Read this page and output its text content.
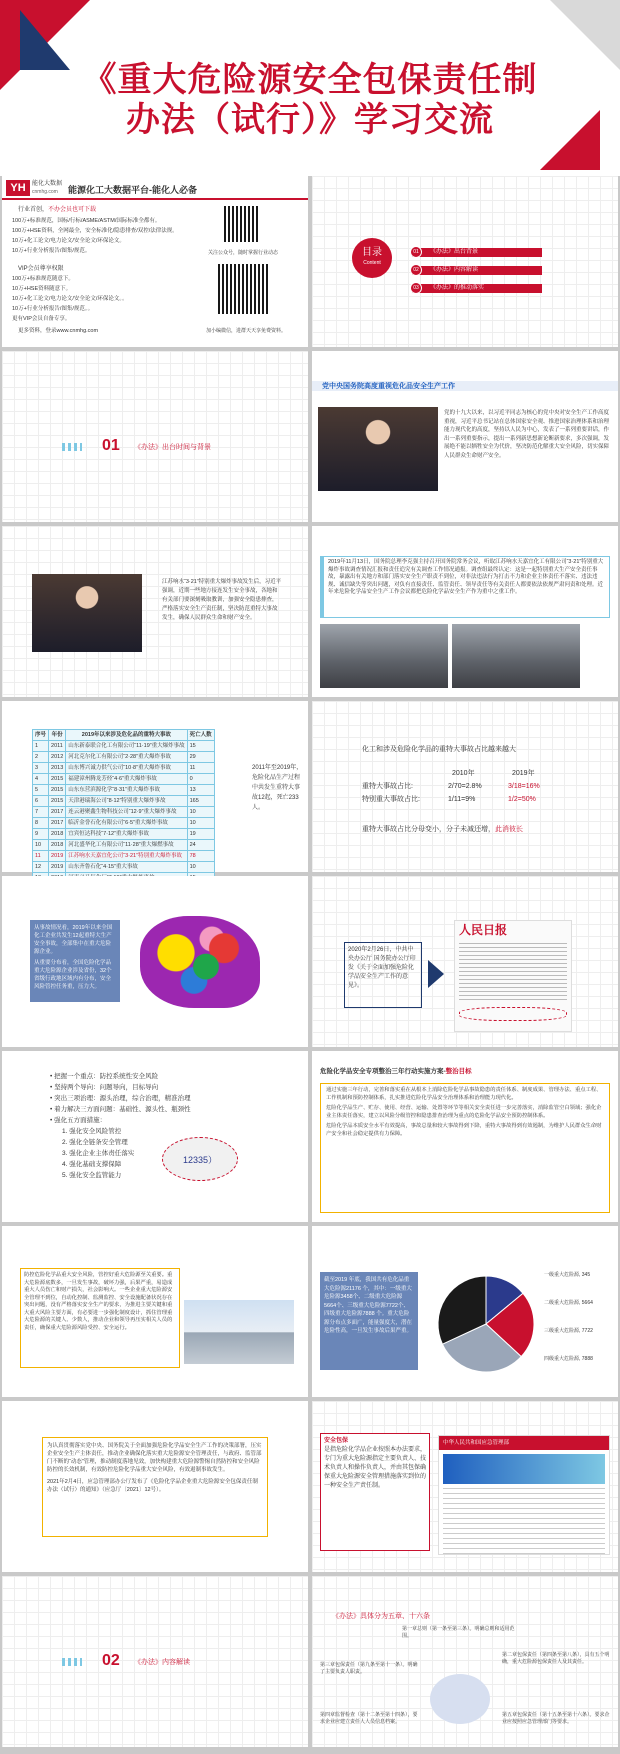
《重大危险源安全包保责任制
办法（试行）》学习交流
YH	能化大数据
cnmhg.com 能源化工大数据平台-能化人必备
行业首创，不办会员也可下载
100万+标准规范，国标/行标/ASME/ASTM/国际标准全都有。
100万+HSE资料，全网最全，安全标准化/隐患排查/双控/法律法规。
10万+化工论文/电力论文/安全论文/环保论文。
10万+行业分析报告/图集/规范。
VIP会员尊享权限
100万+标准规范随意下。
10万+HSE资料随意下。
10万+化工论文/电力论文/安全论文/环保论文。。
10万+行业分析报告/图集/规范。。
更有VIP会员自备专享。
更多资料，登录www.cnmhg.com
关注公众号，随时掌握行业动态
加小编微信，进群天天享免费资料。
目录
Content
01	《办法》出台背景
02	《办法》内容解读
03	《办法》的推动落实
01 《办法》出台时间与背景
党中央国务院高度重视危化品安全生产工作
党的十九大以来，以习近平同志为核心的党中央对安全生产工作高度重视，习近平总书记站在总体国家安全观、推进国家治理体系和治理能力现代化的高度，坚持以人民为中心，发表了一系列重要讲话，作出一系列重要指示，提出一系列新思想新论断新要求，多次强调，发展绝不能以牺牲安全为代价，坚决防范化解重大安全风险，切实保障人民群众生命财产安全。
江苏响水“3·21”特别重大爆炸事故发生后，习近平强调，近期一些地方接连发生安全事故，各地和有关部门要深刻吸取教训，加强安全隐患排查，严格落实安全生产责任制，坚决防范重特大事故发生，确保人民群众生命和财产安全。
2019年11月13日，国务院总理李克强主持召开国务院常务会议，听取江苏响水天嘉宜化工有限公司“3·21”特别重大爆炸事故调查情况汇报和责任追究有关调查工作情况通报。调查组最终认定：这是一起特别重大生产安全责任事故，暴露出有关地方和部门落实安全生产职责不到位，对非法违法行为打击不力和企业主体责任不落实、违法违规、诚信缺失等突出问题，对负有直接责任、监管责任、领导责任等有关责任人都要依法依规严肃问责和处理。近年来危险化学品安全生产工作会议都把危险化学品安全生产作为重中之重工作。
序号	年份	2019年以来涉及危化品的重特大事故	死亡人数
1	2011	山东新泰联合化工有限公司“11·19”重大爆炸事故	15
2	2012	河北克尔化工有限公司“2·28”重大爆炸事故	29
3	2013	山东博兴诚力供气公司“10·8”重大爆炸事故	11
4	2015	福建漳州腾龙芳烃“4·6”重大爆炸事故	0
5	2015	山东东营滨源化学“8·31”重大爆炸事故	13
6	2015	天津港瑞海公司“8·12”特别重大爆炸事故	165
7	2017	连云港聚鑫生物科技公司“12·9”重大爆炸事故	10
8	2017	临沂金誉石化有限公司“6·5”重大爆炸事故	10
9	2018	宜宾恒达科技“7·12”重大爆炸事故	19
10	2018	河北盛华化工有限公司“11·28”重大爆燃事故	24
11	2019	江苏响水天嘉宜化公司“3·21”特别重大爆炸事故	78
12	2019	山东齐鲁石化“4·15”重大事故	10

2011年至2019年，危险化品生产过程中共发生重特大事故12起，死亡233人。
化工和涉及危险化学品的重特大事故占比越来越大
2010年	2019年
重特大事故占比:	2/70=2.8%	3/18=16%
特别重大事故占比:	1/11=9%	1/2=50%
重特大事故占比分母变小，分子未减还增，此消彼长
从事故情况看，2019年以来全国化工企业共发生12起重特大生产安全事故，全部集中在重大危险源企业。
从重要分布看，全国危险化学品重大危险源企业涉及省份，32个省级行政地区域内有分布，安全风险管控任务重，压力大。
2020年2月26日，中共中央办公厅 国务院办公厅印发《关于全面加强危险化学品安全生产工作的意见》。
人民日报
• 把握一个重点：防控系统性安全风险
• 坚持两个导向：问题导向，目标导向
• 突出三项治理：源头治理，综合治理，精准治理
• 着力解决三方面问题：基础性、源头性、瓶颈性
• 强化五方面措施：
1. 强化安全风险管控
2. 强化全链条安全管理
3. 强化企业主体责任落实
4. 强化基础支撑保障
5. 强化安全监管能力
12335）
危险化学品安全专项整治三年行动实施方案-整治目标
通过实施三年行动，完善和落实重在从根本上消除危险化学品事故隐患的责任体系、制度成果、管理办法、重点工程、工作机制和预防控制体系，扎实推进危险化学品安全治理体系和治理能力现代化。
危险化学品生产、贮存、使用、经营、运输、处置等环节等相关安全责任进一步完善落实，消除监管空白领域；强化企业主体责任落实，建立以风险分级管控和隐患排查治理为重点的危险化学品安全预防控制体系。
危险化学品本质安全水平有效提高，事故总量和较大事故得到下降，重特大事故得到有效遏制，为维护人民群众生命财产安全和社会稳定提供有力保障。
防控危险化学品重大安全风险，管控好重大危险源至关重要。重大危险源底数多，一旦发生事故，破坏力强，后果严重，易造成重大人员伤亡和财产损失，社会影响大。一些企业重大危险源安全管理不到位，自动化控制、监测监控、安全设施配备状况存在突出问题，没有严格落实安全生产的要求，为推进主要关键和重大重大风险主要方面，有必要进一步强化制度设计，抓住管理重大危险源的关键人、少数人，推动企业和领导再压实相关人员的责任，确保重大危险源风险受控、安全运行。
截至2019 年底，我国共有危化品重大危险源21176 个，其中：一级重大危险源3458个、二级重大危险源5664个、三级重大危险源7722个、四级重大危险源7888 个。重大危险源分布点多面广，能量强度大，潜在危险性高，一旦发生事故后果严重。
一级重大危险源, 345
二级重大危险源, 5664
三级重大危险源, 7722
四级重大危险源, 7888
为认真贯彻落实党中央、国务院关于全面加强危险化学品安全生产工作的决策部署，压实企业安全生产主体责任，推动企业确保化落实重大危险源安全管理责任，与政府、监管部门不断的“动态”管理，推动制度落地见效，加快构建重大危险源警惕自然防控和安全风险防控的长效机制，有效防控危险化学品重大安全风险，有效遏制事故发生。
2021年2月4日，应急管理部办公厅发布了《危险化学品企业重大危险源安全包保责任制办法（试行）的通知》（应急厅〔2021〕12号）。
安全包保
是指危险化学品企业按照本办法要求，专门为重大危险源指定主要负责人、技术负责人和操作负责人，并由其包保确保重大危险源安全管理措施落实到位的一种安全生产责任制。
中华人民共和国应急管理部
02 《办法》内容解读
《办法》具体分为五章、十六条
第一章总则（第一条至第三条）。明确总则和适用范围。
第三章包保责任（第九条至第十一条）。明确了主要负责人职责。
第二章包保责任（第四条至第八条），具有五个明确，重大危险源包保责任人及其责任。
第四章监督检查（第十二条至第十四条），要求企业应建立责任人人员信息档案。
第五章包保责任（第十五条至第十六条）。要求企业应按照应急管理部门等要求。
